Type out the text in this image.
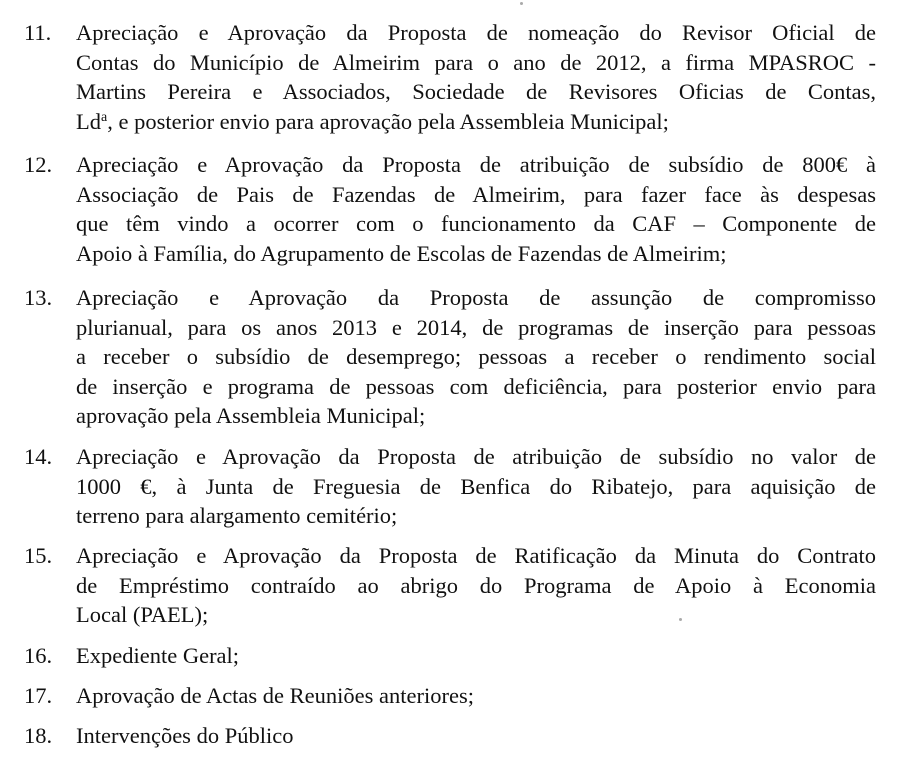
11.	Apreciação e Aprovação da Proposta de nomeação do Revisor Oficial de
Contas do Município de Almeirim para o ano de 2012, a firma MPASROC -
Martins Pereira e Associados, Sociedade de Revisores Oficias de Contas,
Ld$^a$, e posterior envio para aprovação pela Assembleia Municipal;
12.	Apreciação e Aprovação da Proposta de atribuição de subsídio de 800€ à
Associação de Pais de Fazendas de Almeirim, para fazer face às despesas
que têm vindo a ocorrer com o funcionamento da CAF – Componente de
Apoio à Família, do Agrupamento de Escolas de Fazendas de Almeirim;
13.	Apreciação e Aprovação da Proposta de assunção de compromisso
plurianual, para os anos 2013 e 2014, de programas de inserção para pessoas
a receber o subsídio de desemprego; pessoas a receber o rendimento social
de inserção e programa de pessoas com deficiência, para posterior envio para
aprovação pela Assembleia Municipal;
14.	Apreciação e Aprovação da Proposta de atribuição de subsídio no valor de
1000 €, à Junta de Freguesia de Benfica do Ribatejo, para aquisição de
terreno para alargamento cemitério;
15.	Apreciação e Aprovação da Proposta de Ratificação da Minuta do Contrato
de Empréstimo contraído ao abrigo do Programa de Apoio à Economia
Local (PAEL);
16.	Expediente Geral;
17.	Aprovação de Actas de Reuniões anteriores;
18.	Intervenções do Público
